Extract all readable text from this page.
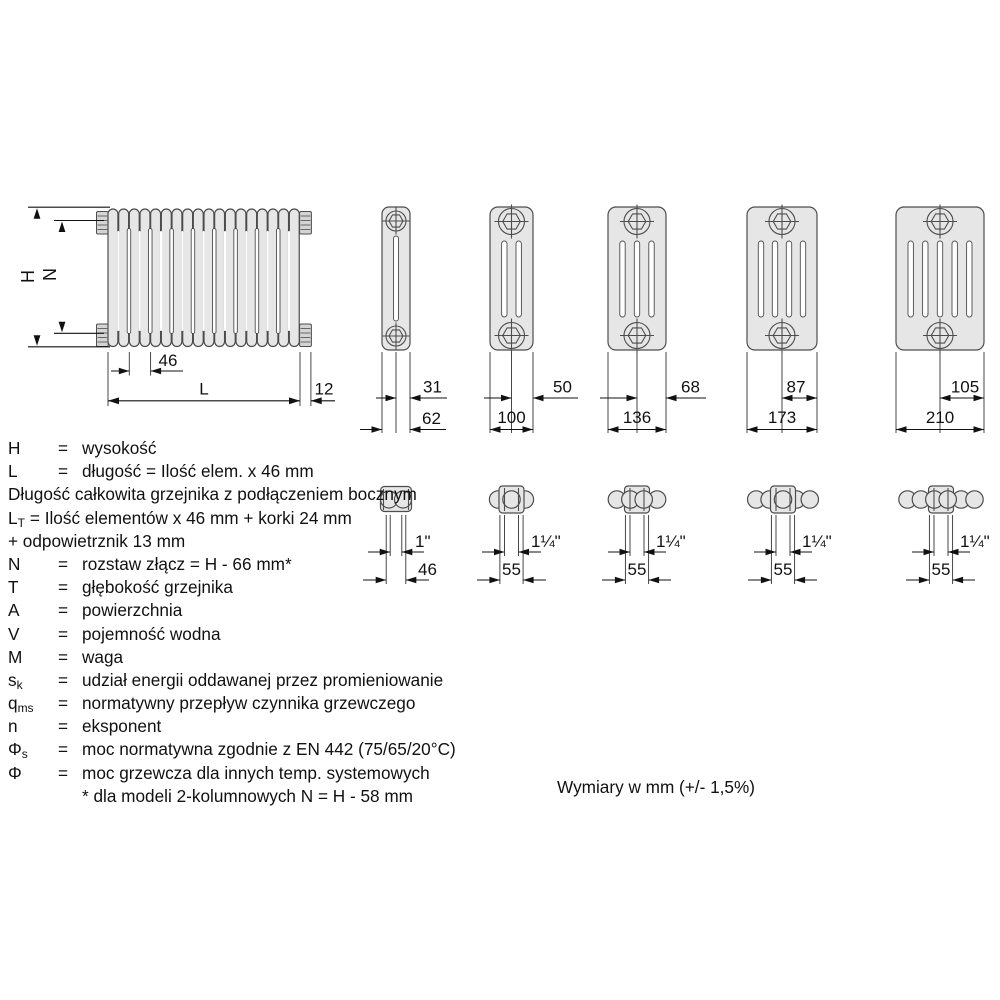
H N
46
L	12	31
62
50
100
68
136
87
173
105
210
1"
46
1¼"
55
1¼"
55
1¼"
55
1¼"
55
H = wysokość
L = długość = Ilość elem. x 46 mm
Długość całkowita grzejnika z podłączeniem bocznym
$L_T$ = Ilość elementów x 46 mm + korki 24 mm
+ odpowietrznik 13 mm
N = rozstaw złącz = H - 66 mm*
T = głębokość grzejnika
A = powierzchnia
V = pojemność wodna
M = waga
$s_k$ = udział energii oddawanej przez promieniowanie
$q_{ms}$ = normatywny przepływ czynnika grzewczego
n = eksponent
$\Phi_s$ = moc normatywna zgodnie z EN 442 (75/65/20°C)
Φ = moc grzewcza dla innych temp. systemowych
* dla modeli 2-kolumnowych N = H - 58 mm	Wymiary w mm (+/- 1,5%)
